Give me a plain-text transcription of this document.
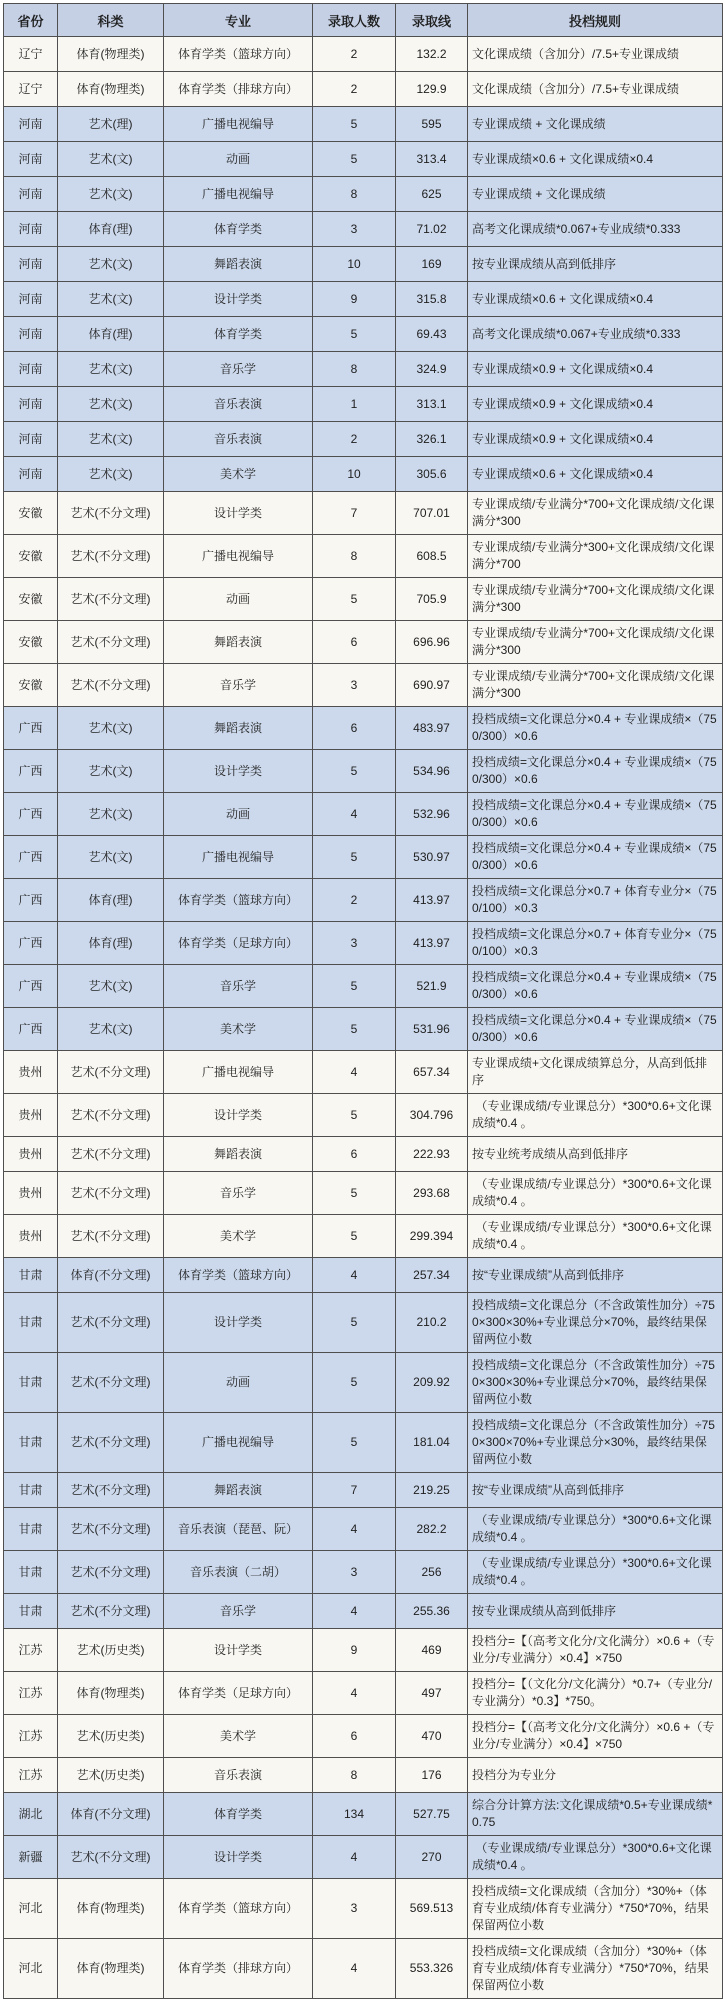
省份	科类	专业	录取人数	录取线	投档规则
辽宁	体育(物理类)	体育学类（篮球方向）	2	132.2	文化课成绩（含加分）/7.5+专业课成绩
辽宁	体育(物理类)	体育学类（排球方向）	2	129.9	文化课成绩（含加分）/7.5+专业课成绩
河南	艺术(理)	广播电视编导	5	595	专业课成绩 + 文化课成绩
河南	艺术(文)	动画	5	313.4	专业课成绩×0.6 + 文化课成绩×0.4
河南	艺术(文)	广播电视编导	8	625	专业课成绩 + 文化课成绩
河南	体育(理)	体育学类	3	71.02	高考文化课成绩*0.067+专业成绩*0.333
河南	艺术(文)	舞蹈表演	10	169	按专业课成绩从高到低排序
河南	艺术(文)	设计学类	9	315.8	专业课成绩×0.6 + 文化课成绩×0.4
河南	体育(理)	体育学类	5	69.43	高考文化课成绩*0.067+专业成绩*0.333
河南	艺术(文)	音乐学	8	324.9	专业课成绩×0.9 + 文化课成绩×0.4
河南	艺术(文)	音乐表演	1	313.1	专业课成绩×0.9 + 文化课成绩×0.4
河南	艺术(文)	音乐表演	2	326.1	专业课成绩×0.9 + 文化课成绩×0.4
河南	艺术(文)	美术学	10	305.6	专业课成绩×0.6 + 文化课成绩×0.4
安徽	艺术(不分文理)	设计学类	7	707.01	专业课成绩/专业满分*700+文化课成绩/文化课满分*300
安徽	艺术(不分文理)	广播电视编导	8	608.5	专业课成绩/专业满分*300+文化课成绩/文化课满分*700
安徽	艺术(不分文理)	动画	5	705.9	专业课成绩/专业满分*700+文化课成绩/文化课满分*300
安徽	艺术(不分文理)	舞蹈表演	6	696.96	专业课成绩/专业满分*700+文化课成绩/文化课满分*300
安徽	艺术(不分文理)	音乐学	3	690.97	专业课成绩/专业满分*700+文化课成绩/文化课满分*300
广西	艺术(文)	舞蹈表演	6	483.97	投档成绩=文化课总分×0.4 + 专业课成绩×（750/300）×0.6
广西	艺术(文)	设计学类	5	534.96	投档成绩=文化课总分×0.4 + 专业课成绩×（750/300）×0.6
广西	艺术(文)	动画	4	532.96	投档成绩=文化课总分×0.4 + 专业课成绩×（750/300）×0.6
广西	艺术(文)	广播电视编导	5	530.97	投档成绩=文化课总分×0.4 + 专业课成绩×（750/300）×0.6
广西	体育(理)	体育学类（篮球方向）	2	413.97	投档成绩=文化课总分×0.7 + 体育专业分×（750/100）×0.3
广西	体育(理)	体育学类（足球方向）	3	413.97	投档成绩=文化课总分×0.7 + 体育专业分×（750/100）×0.3
广西	艺术(文)	音乐学	5	521.9	投档成绩=文化课总分×0.4 + 专业课成绩×（750/300）×0.6
广西	艺术(文)	美术学	5	531.96	投档成绩=文化课总分×0.4 + 专业课成绩×（750/300）×0.6
贵州	艺术(不分文理)	广播电视编导	4	657.34	专业课成绩+文化课成绩算总分，从高到低排序
贵州	艺术(不分文理)	设计学类	5	304.796	（专业课成绩/专业课总分）*300*0.6+文化课成绩*0.4 。
贵州	艺术(不分文理)	舞蹈表演	6	222.93	按专业统考成绩从高到低排序
贵州	艺术(不分文理)	音乐学	5	293.68	（专业课成绩/专业课总分）*300*0.6+文化课成绩*0.4 。
贵州	艺术(不分文理)	美术学	5	299.394	（专业课成绩/专业课总分）*300*0.6+文化课成绩*0.4 。
甘肃	体育(不分文理)	体育学类（篮球方向）	4	257.34	按“专业课成绩”从高到低排序
甘肃	艺术(不分文理)	设计学类	5	210.2	投档成绩=文化课总分（不含政策性加分）÷750×300×30%+专业课总分×70%，最终结果保留两位小数
甘肃	艺术(不分文理)	动画	5	209.92	投档成绩=文化课总分（不含政策性加分）÷750×300×30%+专业课总分×70%，最终结果保留两位小数
甘肃	艺术(不分文理)	广播电视编导	5	181.04	投档成绩=文化课总分（不含政策性加分）÷750×300×70%+专业课总分×30%，最终结果保留两位小数
甘肃	艺术(不分文理)	舞蹈表演	7	219.25	按“专业课成绩”从高到低排序
甘肃	艺术(不分文理)	音乐表演（琵琶、阮）	4	282.2	（专业课成绩/专业课总分）*300*0.6+文化课成绩*0.4 。
甘肃	艺术(不分文理)	音乐表演（二胡）	3	256	（专业课成绩/专业课总分）*300*0.6+文化课成绩*0.4 。
甘肃	艺术(不分文理)	音乐学	4	255.36	按专业课成绩从高到低排序
江苏	艺术(历史类)	设计学类	9	469	投档分=【（高考文化分/文化满分）×0.6 +（专业分/专业满分）×0.4】×750
江苏	体育(物理类)	体育学类（足球方向）	4	497	投档分=【（文化分/文化满分）*0.7+（专业分/专业满分）*0.3】*750。
江苏	艺术(历史类)	美术学	6	470	投档分=【（高考文化分/文化满分）×0.6 +（专业分/专业满分）×0.4】×750
江苏	艺术(历史类)	音乐表演	8	176	投档分为专业分
湖北	体育(不分文理)	体育学类	134	527.75	综合分计算方法:文化课成绩*0.5+专业课成绩*0.75
新疆	艺术(不分文理)	设计学类	4	270	（专业课成绩/专业课总分）*300*0.6+文化课成绩*0.4 。
河北	体育(物理类)	体育学类（篮球方向）	3	569.513	投档成绩=文化课成绩（含加分）*30%+（体育专业成绩/体育专业满分）*750*70%，结果保留两位小数
河北	体育(物理类)	体育学类（排球方向）	4	553.326	投档成绩=文化课成绩（含加分）*30%+（体育专业成绩/体育专业满分）*750*70%，结果保留两位小数
